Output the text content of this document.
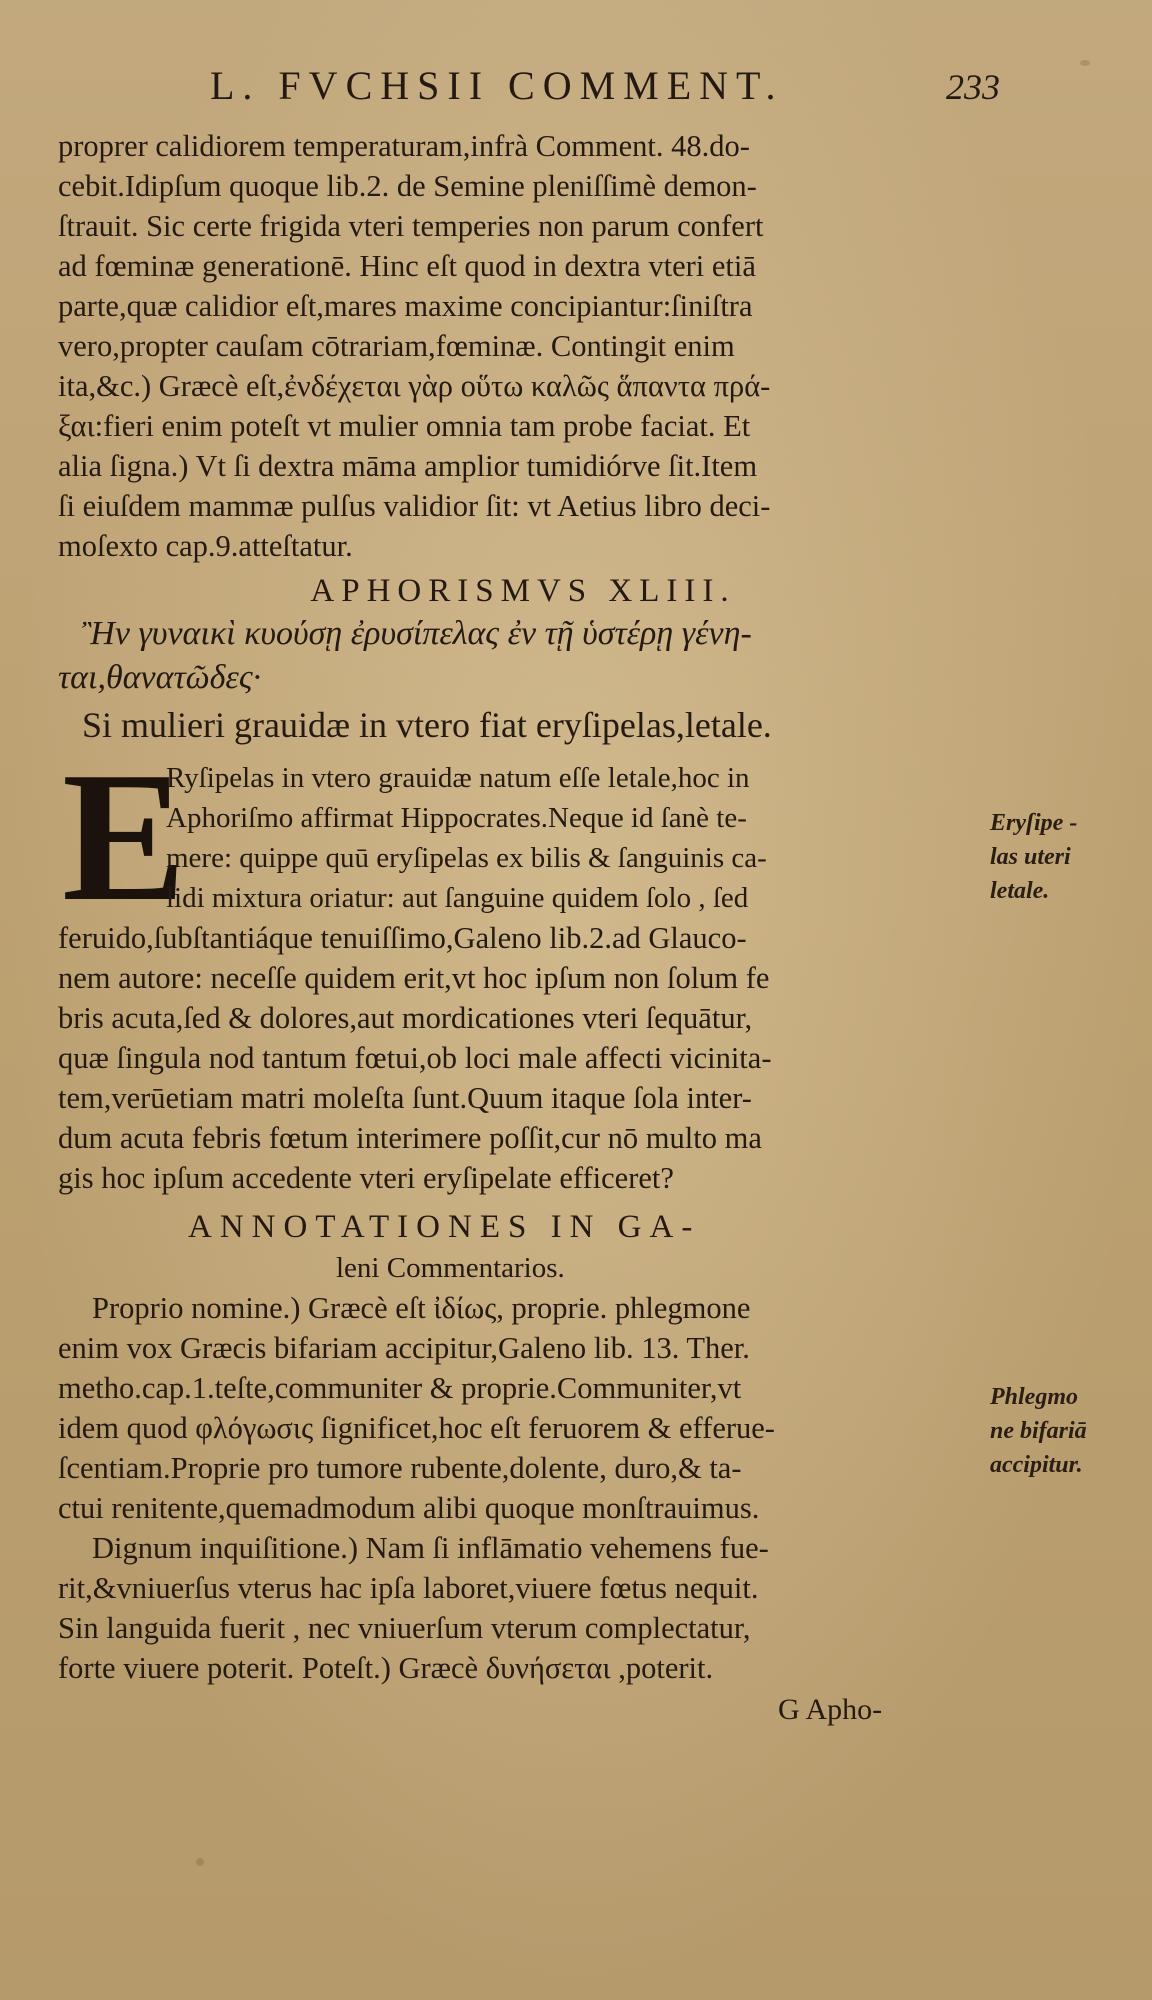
L. FVCHSII COMMENT.	233
proprer calidiorem temperaturam,infrà Comment. 48.do-
cebit.Idipſum quoque lib.2. de Semine pleniſſimè demon-
ſtrauit. Sic certe frigida vteri temperies non parum confert
ad fœminæ generationē. Hinc eſt quod in dextra vteri etiā
parte,quæ calidior eſt,mares maxime concipiantur:ſiniſtra
vero,propter cauſam cōtrariam,fœminæ. Contingit enim
ita,&c.) Græcè eſt,ἐνδέχεται γὰρ οὕτω καλῶς ἅπαντα πρά-
ξαι:fieri enim poteſt vt mulier omnia tam probe faciat. Et
alia ſigna.) Vt ſi dextra māma amplior tumidiórve ſit.Item
ſi eiuſdem mammæ pulſus validior ſit: vt Aetius libro deci-
moſexto cap.9.atteſtatur.
APHORISMVS XLIII.
Ἢν γυναικὶ κυούσῃ ἐρυσίπελας ἐν τῇ ὑστέρῃ γένη-
ται,θανατῶδες·
Si mulieri grauidæ in vtero fiat eryſipelas,letale.
E
Ryſipelas in vtero grauidæ natum eſſe letale,hoc in
Aphoriſmo affirmat Hippocrates.Neque id ſanè te-
mere: quippe quū eryſipelas ex bilis & ſanguinis ca-
lidi mixtura oriatur: aut ſanguine quidem ſolo , ſed
feruido,ſubſtantiáque tenuiſſimo,Galeno lib.2.ad Glauco-
nem autore: neceſſe quidem erit,vt hoc ipſum non ſolum fe
bris acuta,ſed & dolores,aut mordicationes vteri ſequātur,
quæ ſingula nod tantum fœtui,ob loci male affecti vicinita-
tem,verūetiam matri moleſta ſunt.Quum itaque ſola inter-
dum acuta febris fœtum interimere poſſit,cur nō multo ma
gis hoc ipſum accedente vteri eryſipelate efficeret?
ANNOTATIONES IN GA-
leni Commentarios.
Proprio nomine.) Græcè eſt ἰδίως, proprie. phlegmone
enim vox Græcis bifariam accipitur,Galeno lib. 13. Ther.
metho.cap.1.teſte,communiter & proprie.Communiter,vt
idem quod φλόγωσις ſignificet,hoc eſt feruorem & efferue-
ſcentiam.Proprie pro tumore rubente,dolente, duro,& ta-
ctui renitente,quemadmodum alibi quoque monſtrauimus.
Dignum inquiſitione.) Nam ſi inflāmatio vehemens fue-
rit,&vniuerſus vterus hac ipſa laboret,viuere fœtus nequit.
Sin languida fuerit , nec vniuerſum vterum complectatur,
forte viuere poterit. Poteſt.) Græcè δυνήσεται ,poterit.
G Apho-
Eryſipe -
las uteri
letale.
Phlegmo
ne bifariā
accipitur.
